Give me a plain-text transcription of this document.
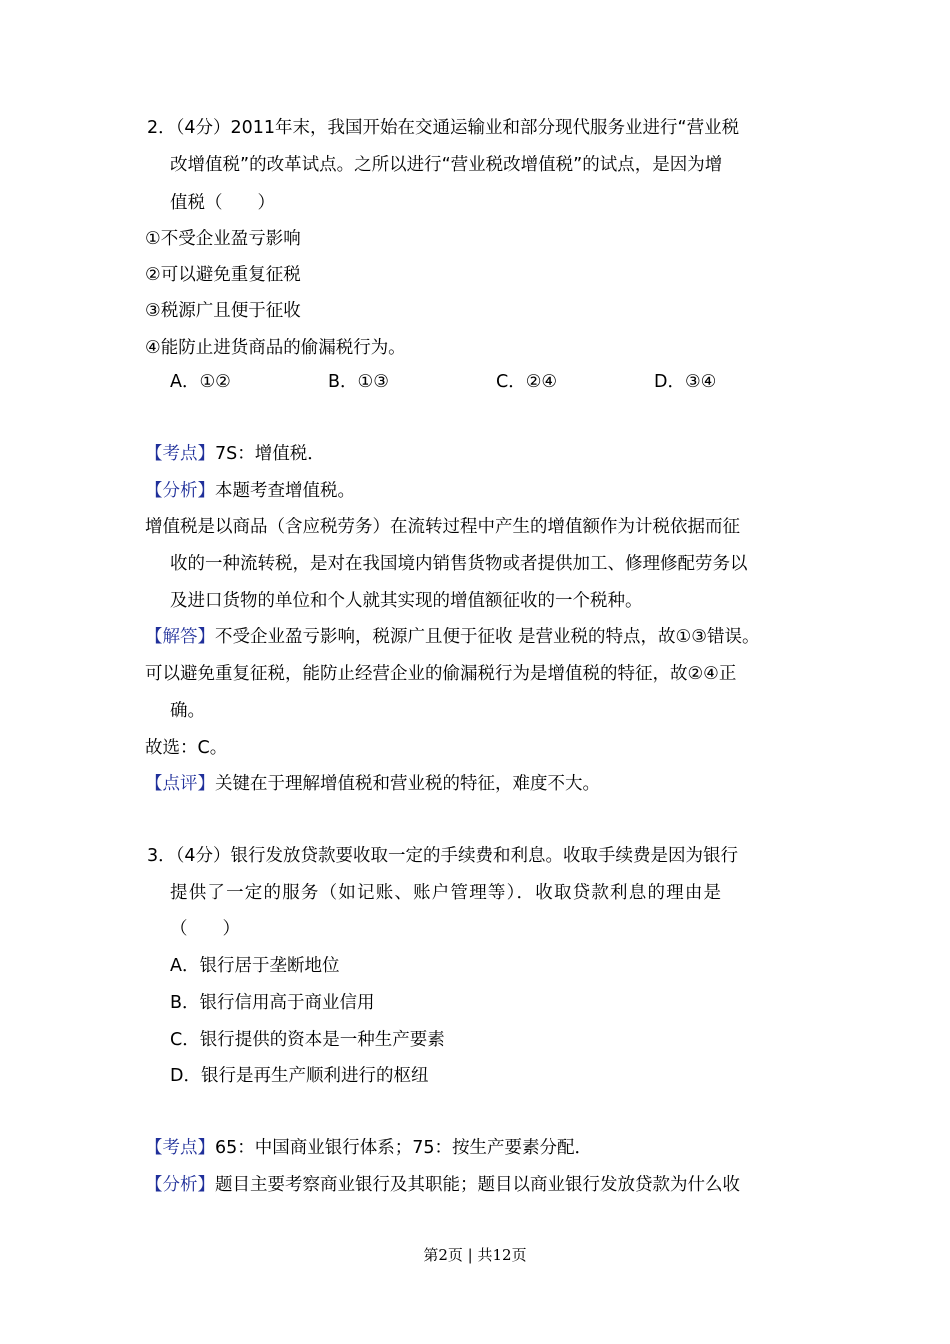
2．（4分）2011年末，我国开始在交通运输业和部分现代服务业进行“营业税
改增值税”的改革试点。之所以进行“营业税改增值税”的试点，是因为增
值税（　　）
①不受企业盈亏影响
②可以避免重复征税
③税源广且便于征收
④能防止进货商品的偷漏税行为。
A．①②	B．①③	C．②④	D．③④
【考点】7S：增值税．
【分析】本题考查增值税。
增值税是以商品（含应税劳务）在流转过程中产生的增值额作为计税依据而征
收的一种流转税，是对在我国境内销售货物或者提供加工、修理修配劳务以
及进口货物的单位和个人就其实现的增值额征收的一个税种。
【解答】不受企业盈亏影响，税源广且便于征收 是营业税的特点，故①③错误。
可以避免重复征税，能防止经营企业的偷漏税行为是增值税的特征，故②④正
确。
故选：C。
【点评】关键在于理解增值税和营业税的特征，难度不大。
3．（4分）银行发放贷款要收取一定的手续费和利息。收取手续费是因为银行
提供了一定的服务（如记账、账户管理等）．收取贷款利息的理由是
（　　）
A．银行居于垄断地位
B．银行信用高于商业信用
C．银行提供的资本是一种生产要素
D．银行是再生产顺利进行的枢纽
【考点】65：中国商业银行体系；75：按生产要素分配．
【分析】题目主要考察商业银行及其职能；题目以商业银行发放贷款为什么收
第2页 | 共12页
